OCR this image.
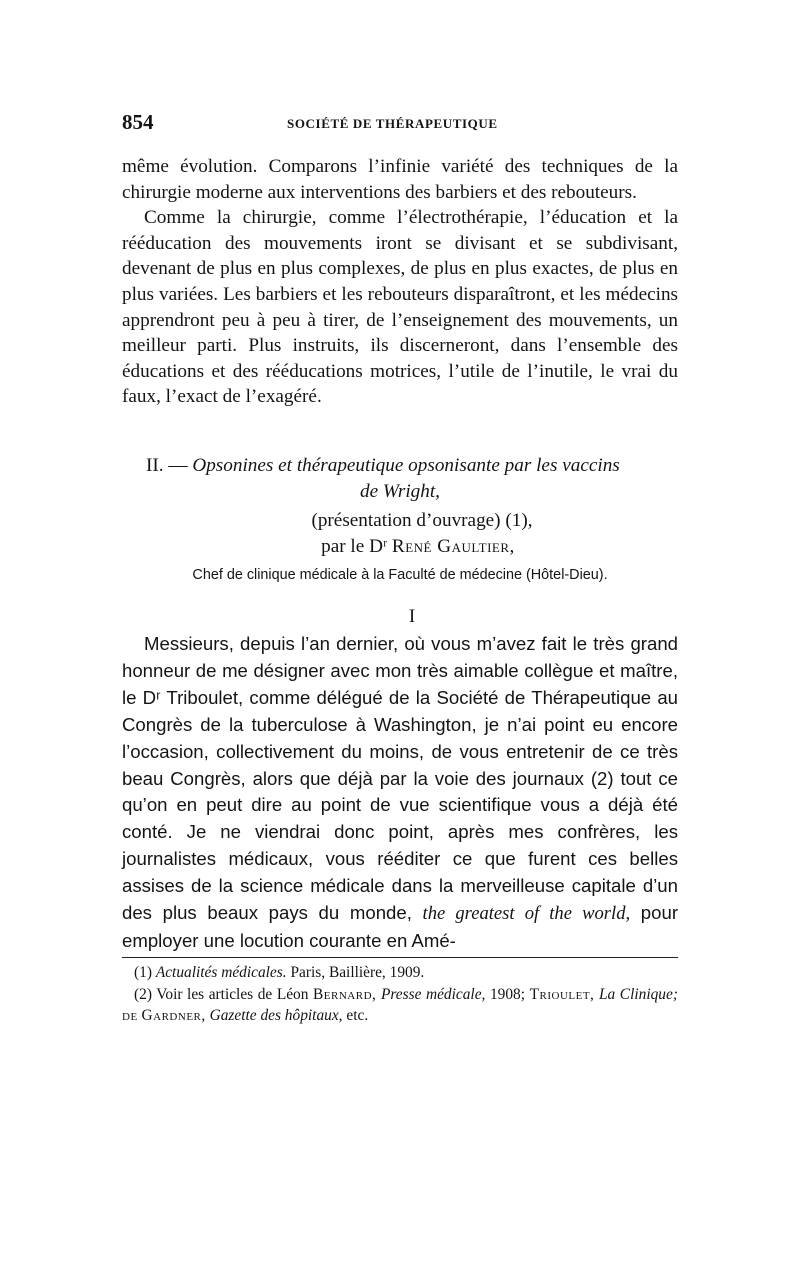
854	SOCIÉTÉ DE THÉRAPEUTIQUE

même évolution. Comparons l’infinie variété des techniques de la chirurgie moderne aux interventions des barbiers et des rebouteurs.

Comme la chirurgie, comme l’électrothérapie, l’éducation et la rééducation des mouvements iront se divisant et se subdivisant, devenant de plus en plus complexes, de plus en plus exactes, de plus en plus variées. Les barbiers et les rebouteurs disparaîtront, et les médecins apprendront peu à peu à tirer, de l’enseignement des mouvements, un meilleur parti. Plus instruits, ils discerneront, dans l’ensemble des éducations et des rééducations motrices, l’utile de l’inutile, le vrai du faux, l’exact de l’exagéré.

II. — Opsonines et thérapeutique opsonisante par les vaccins
de Wright,
(présentation d’ouvrage) (1),
par le Dʳ René Gaultier,
Chef de clinique médicale à la Faculté de médecine (Hôtel-Dieu).
I

Messieurs, depuis l’an dernier, où vous m’avez fait le très grand honneur de me désigner avec mon très aimable collègue et maître, le Dʳ Triboulet, comme délégué de la Société de Thérapeutique au Congrès de la tuberculose à Washington, je n’ai point eu encore l’occasion, collectivement du moins, de vous entretenir de ce très beau Congrès, alors que déjà par la voie des journaux (2) tout ce qu’on en peut dire au point de vue scientifique vous a déjà été conté. Je ne viendrai donc point, après mes confrères, les journalistes médicaux, vous rééditer ce que furent ces belles assises de la science médicale dans la merveilleuse capitale d’un des plus beaux pays du monde, the greatest of the world, pour employer une locution courante en Amé-

(1) Actualités médicales. Paris, Baillière, 1909.

(2) Voir les articles de Léon Bernard, Presse médicale, 1908; Trioulet, La Clinique; de Gardner, Gazette des hôpitaux, etc.
